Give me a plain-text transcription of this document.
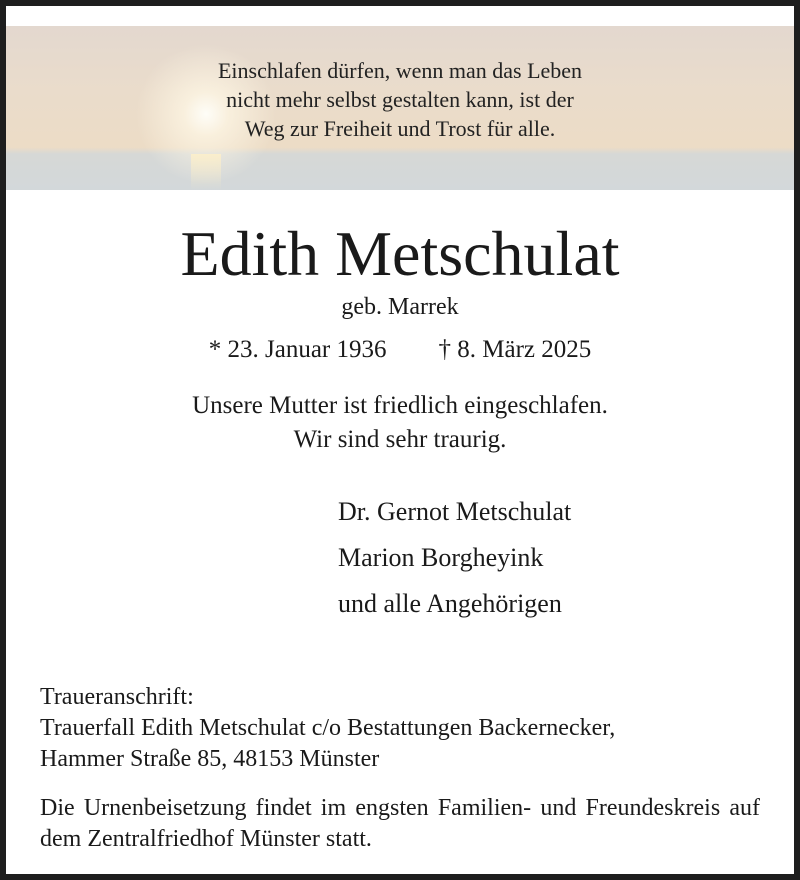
Einschlafen dürfen, wenn man das Leben
nicht mehr selbst gestalten kann, ist der
Weg zur Freiheit und Trost für alle.
Edith Metschulat
geb. Marrek
* 23. Januar 1936 † 8. März 2025
Unsere Mutter ist friedlich eingeschlafen.
Wir sind sehr traurig.
Dr. Gernot Metschulat
Marion Borgheyink
und alle Angehörigen
Traueranschrift:
Trauerfall Edith Metschulat c/o Bestattungen Backernecker,
Hammer Straße 85, 48153 Münster
Die Urnenbeisetzung findet im engsten Familien- und Freundeskreis auf dem Zentralfriedhof Münster statt.
